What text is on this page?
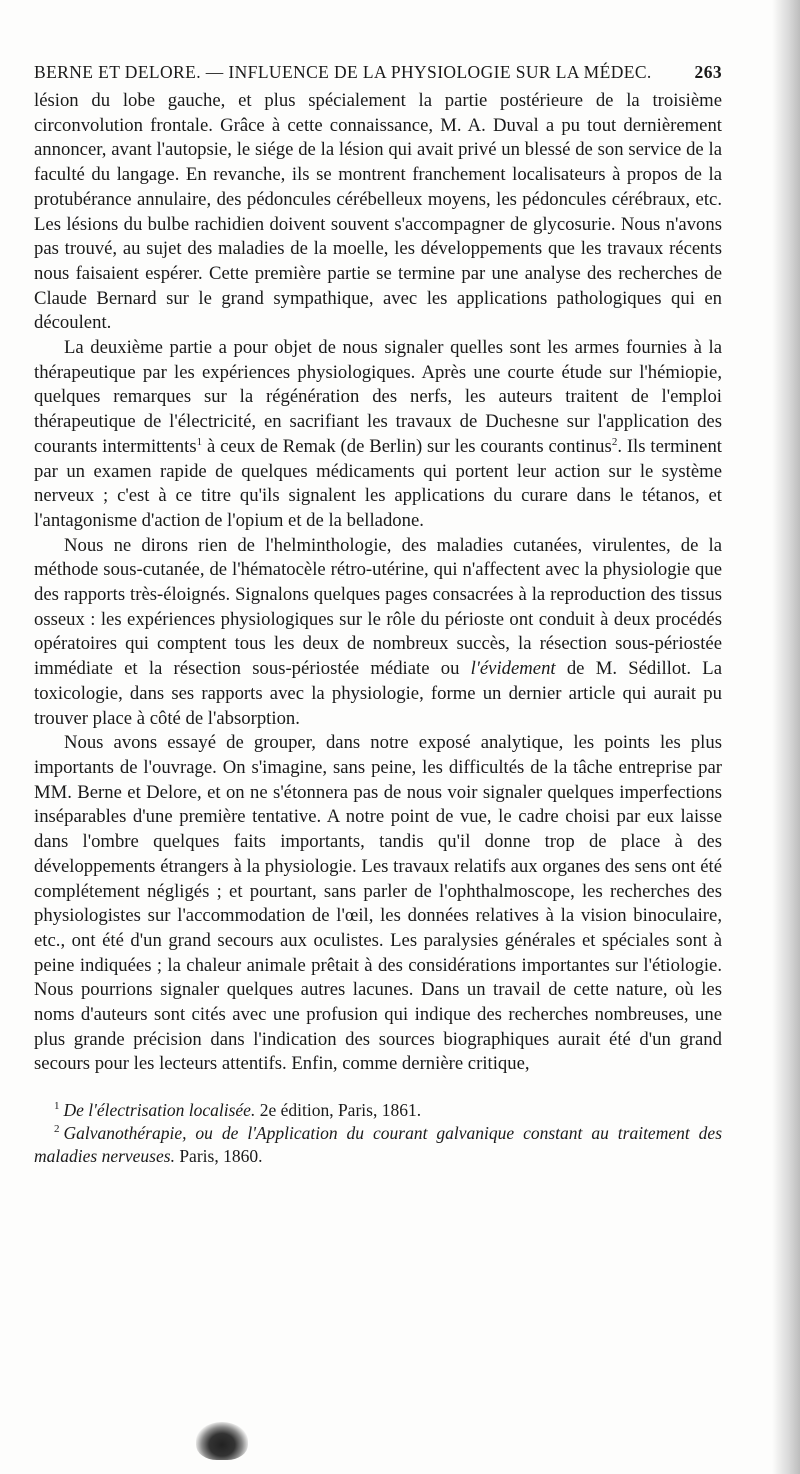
BERNE ET DELORE. — INFLUENCE DE LA PHYSIOLOGIE SUR LA MÉDEC. 263

lésion du lobe gauche, et plus spécialement la partie postérieure de la troisième circonvolution frontale. Grâce à cette connaissance, M. A. Duval a pu tout dernièrement annoncer, avant l'autopsie, le siége de la lésion qui avait privé un blessé de son service de la faculté du langage. En revanche, ils se montrent franchement localisateurs à propos de la protubérance annulaire, des pédoncules cérébelleux moyens, les pédoncules cérébraux, etc. Les lésions du bulbe rachidien doivent souvent s'accompagner de glycosurie. Nous n'avons pas trouvé, au sujet des maladies de la moelle, les développements que les travaux récents nous faisaient espérer. Cette première partie se termine par une analyse des recherches de Claude Bernard sur le grand sympathique, avec les applications pathologiques qui en découlent.

La deuxième partie a pour objet de nous signaler quelles sont les armes fournies à la thérapeutique par les expériences physiologiques. Après une courte étude sur l'hémiopie, quelques remarques sur la régénération des nerfs, les auteurs traitent de l'emploi thérapeutique de l'électricité, en sacrifiant les travaux de Duchesne sur l'application des courants intermittents$^1$ à ceux de Remak (de Berlin) sur les courants continus$^2$. Ils terminent par un examen rapide de quelques médicaments qui portent leur action sur le système nerveux ; c'est à ce titre qu'ils signalent les applications du curare dans le tétanos, et l'antagonisme d'action de l'opium et de la belladone.

Nous ne dirons rien de l'helminthologie, des maladies cutanées, virulentes, de la méthode sous-cutanée, de l'hématocèle rétro-utérine, qui n'affectent avec la physiologie que des rapports très-éloignés. Signalons quelques pages consacrées à la reproduction des tissus osseux : les expériences physiologiques sur le rôle du périoste ont conduit à deux procédés opératoires qui comptent tous les deux de nombreux succès, la résection sous-périostée immédiate et la résection sous-périostée médiate ou l'évidement de M. Sédillot. La toxicologie, dans ses rapports avec la physiologie, forme un dernier article qui aurait pu trouver place à côté de l'absorption.

Nous avons essayé de grouper, dans notre exposé analytique, les points les plus importants de l'ouvrage. On s'imagine, sans peine, les difficultés de la tâche entreprise par MM. Berne et Delore, et on ne s'étonnera pas de nous voir signaler quelques imperfections inséparables d'une première tentative. A notre point de vue, le cadre choisi par eux laisse dans l'ombre quelques faits importants, tandis qu'il donne trop de place à des développements étrangers à la physiologie. Les travaux relatifs aux organes des sens ont été complétement négligés ; et pourtant, sans parler de l'ophthalmoscope, les recherches des physiologistes sur l'accommodation de l'œil, les données relatives à la vision binoculaire, etc., ont été d'un grand secours aux oculistes. Les paralysies générales et spéciales sont à peine indiquées ; la chaleur animale prêtait à des considérations importantes sur l'étiologie. Nous pourrions signaler quelques autres lacunes. Dans un travail de cette nature, où les noms d'auteurs sont cités avec une profusion qui indique des recherches nombreuses, une plus grande précision dans l'indication des sources biographiques aurait été d'un grand secours pour les lecteurs attentifs. Enfin, comme dernière critique,

$^1$ De l'électrisation localisée. 2e édition, Paris, 1861.

$^2$ Galvanothérapie, ou de l'Application du courant galvanique constant au traitement des maladies nerveuses. Paris, 1860.
